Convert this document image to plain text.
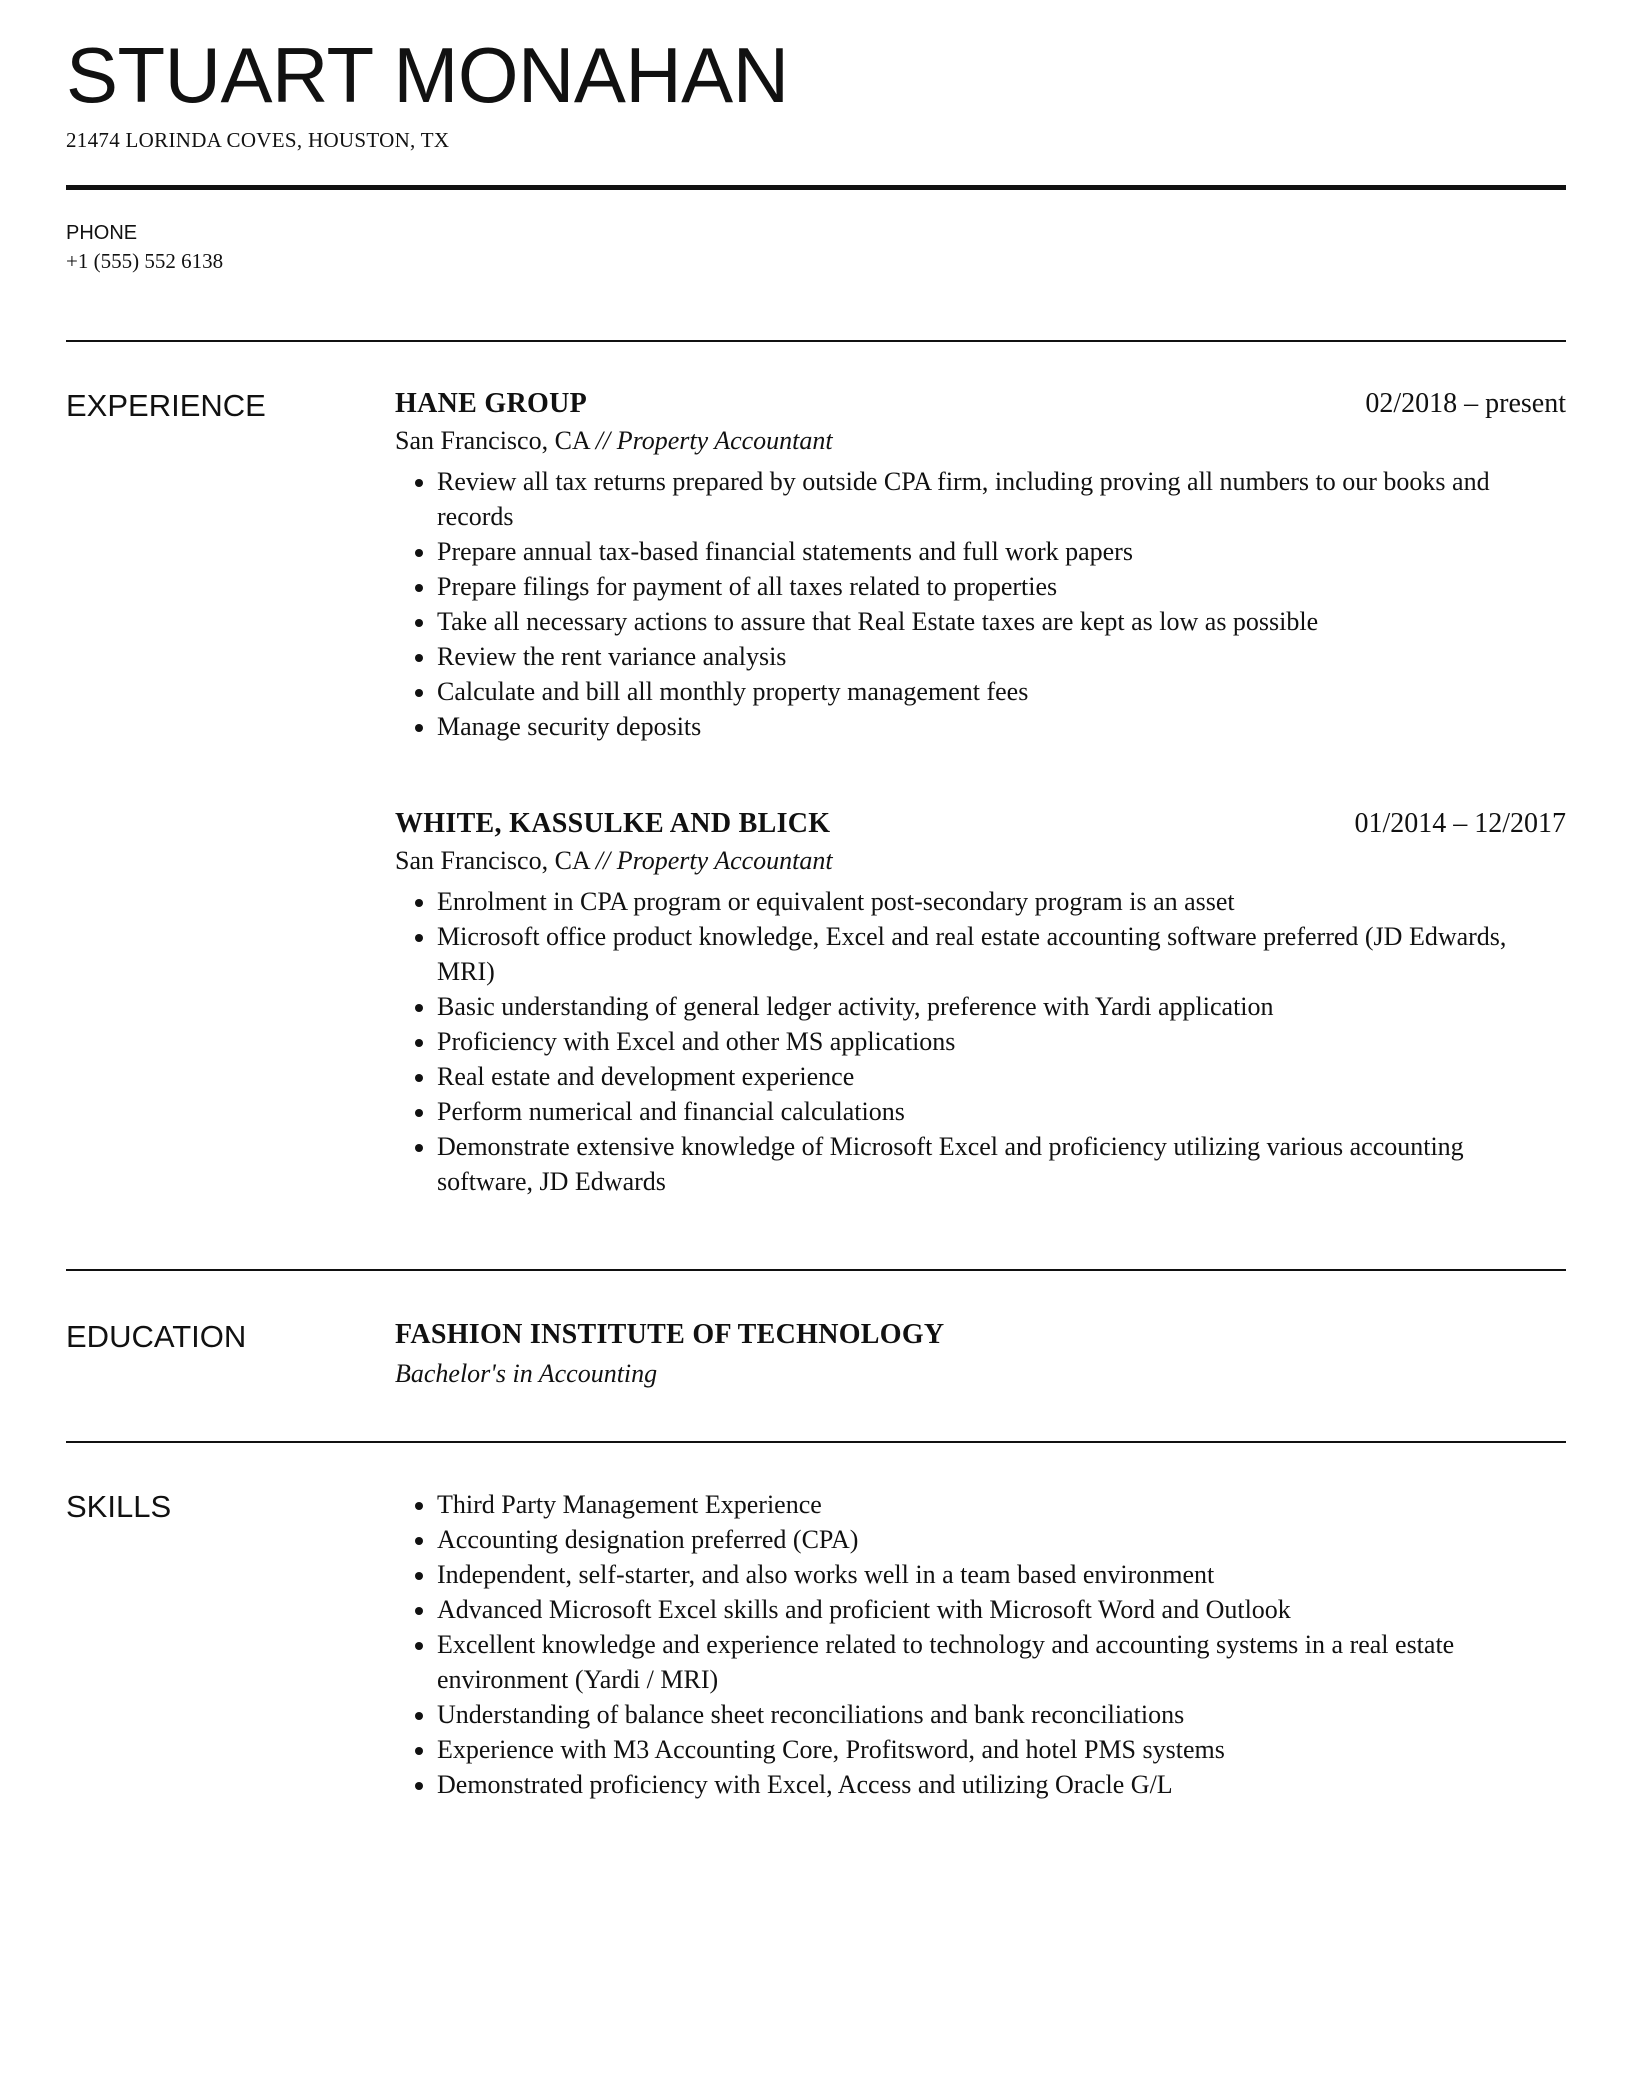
STUART MONAHAN
21474 LORINDA COVES, HOUSTON, TX
PHONE
+1 (555) 552 6138
EXPERIENCE	HANE GROUP	02/2018 – present
San Francisco, CA // Property Accountant
• Review all tax returns prepared by outside CPA firm, including proving all numbers to our books and records
• Prepare annual tax-based financial statements and full work papers
• Prepare filings for payment of all taxes related to properties
• Take all necessary actions to assure that Real Estate taxes are kept as low as possible
• Review the rent variance analysis
• Calculate and bill all monthly property management fees
• Manage security deposits
WHITE, KASSULKE AND BLICK	01/2014 – 12/2017
San Francisco, CA // Property Accountant
• Enrolment in CPA program or equivalent post-secondary program is an asset
• Microsoft office product knowledge, Excel and real estate accounting software preferred (JD Edwards, MRI)
• Basic understanding of general ledger activity, preference with Yardi application
• Proficiency with Excel and other MS applications
• Real estate and development experience
• Perform numerical and financial calculations
• Demonstrate extensive knowledge of Microsoft Excel and proficiency utilizing various accounting software, JD Edwards
EDUCATION	FASHION INSTITUTE OF TECHNOLOGY
Bachelor's in Accounting
SKILLS
•	Third Party Management Experience
• Accounting designation preferred (CPA)
• Independent, self-starter, and also works well in a team based environment
• Advanced Microsoft Excel skills and proficient with Microsoft Word and Outlook
• Excellent knowledge and experience related to technology and accounting systems in a real estate environment (Yardi / MRI)
• Understanding of balance sheet reconciliations and bank reconciliations
• Experience with M3 Accounting Core, Profitsword, and hotel PMS systems
• Demonstrated proficiency with Excel, Access and utilizing Oracle G/L
